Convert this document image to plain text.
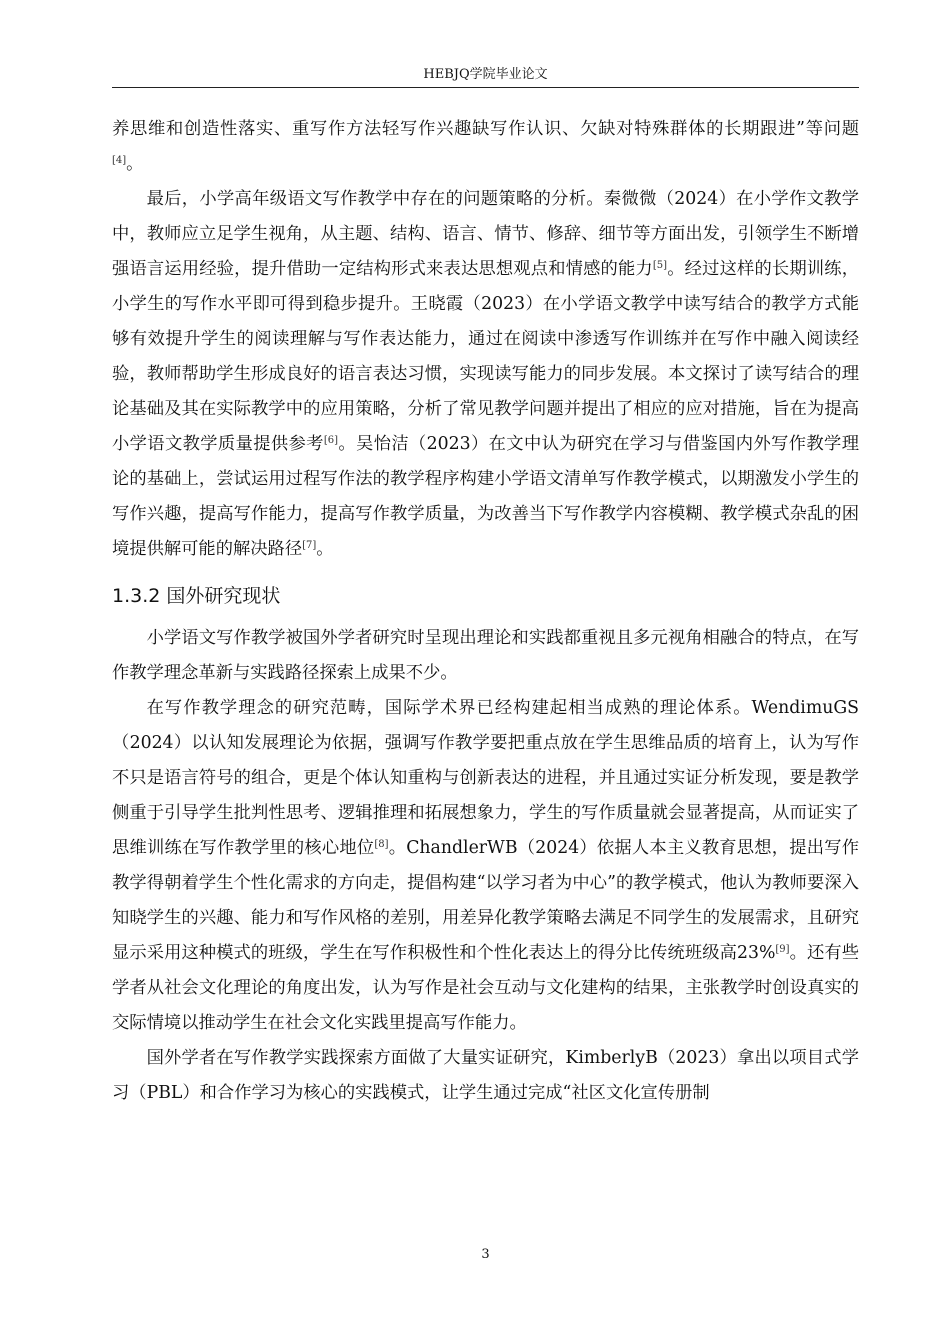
HEBJQ学院毕业论文

养思维和创造性落实、重写作方法轻写作兴趣缺写作认识、欠缺对特殊群体的长期跟进”等问题[4]。

最后，小学高年级语文写作教学中存在的问题策略的分析。秦微微（2024）在小学作文教学中，教师应立足学生视角，从主题、结构、语言、情节、修辞、细节等方面出发，引领学生不断增强语言运用经验，提升借助一定结构形式来表达思想观点和情感的能力[5]。经过这样的长期训练，小学生的写作水平即可得到稳步提升。王晓霞（2023）在小学语文教学中读写结合的教学方式能够有效提升学生的阅读理解与写作表达能力，通过在阅读中渗透写作训练并在写作中融入阅读经验，教师帮助学生形成良好的语言表达习惯，实现读写能力的同步发展。本文探讨了读写结合的理论基础及其在实际教学中的应用策略，分析了常见教学问题并提出了相应的应对措施，旨在为提高小学语文教学质量提供参考[6]。吴怡洁（2023）在文中认为研究在学习与借鉴国内外写作教学理论的基础上，尝试运用过程写作法的教学程序构建小学语文清单写作教学模式，以期激发小学生的写作兴趣，提高写作能力，提高写作教学质量，为改善当下写作教学内容模糊、教学模式杂乱的困境提供解可能的解决路径[7]。

1.3.2 国外研究现状

小学语文写作教学被国外学者研究时呈现出理论和实践都重视且多元视角相融合的特点，在写作教学理念革新与实践路径探索上成果不少。

在写作教学理念的研究范畴，国际学术界已经构建起相当成熟的理论体系。WendimuGS（2024）以认知发展理论为依据，强调写作教学要把重点放在学生思维品质的培育上，认为写作不只是语言符号的组合，更是个体认知重构与创新表达的进程，并且通过实证分析发现，要是教学侧重于引导学生批判性思考、逻辑推理和拓展想象力，学生的写作质量就会显著提高，从而证实了思维训练在写作教学里的核心地位[8]。ChandlerWB（2024）依据人本主义教育思想，提出写作教学得朝着学生个性化需求的方向走，提倡构建“以学习者为中心”的教学模式，他认为教师要深入知晓学生的兴趣、能力和写作风格的差别，用差异化教学策略去满足不同学生的发展需求，且研究显示采用这种模式的班级，学生在写作积极性和个性化表达上的得分比传统班级高23%[9]。还有些学者从社会文化理论的角度出发，认为写作是社会互动与文化建构的结果，主张教学时创设真实的交际情境以推动学生在社会文化实践里提高写作能力。

国外学者在写作教学实践探索方面做了大量实证研究，KimberlyB（2023）拿出以项目式学习（PBL）和合作学习为核心的实践模式，让学生通过完成“社区文化宣传册制

3
